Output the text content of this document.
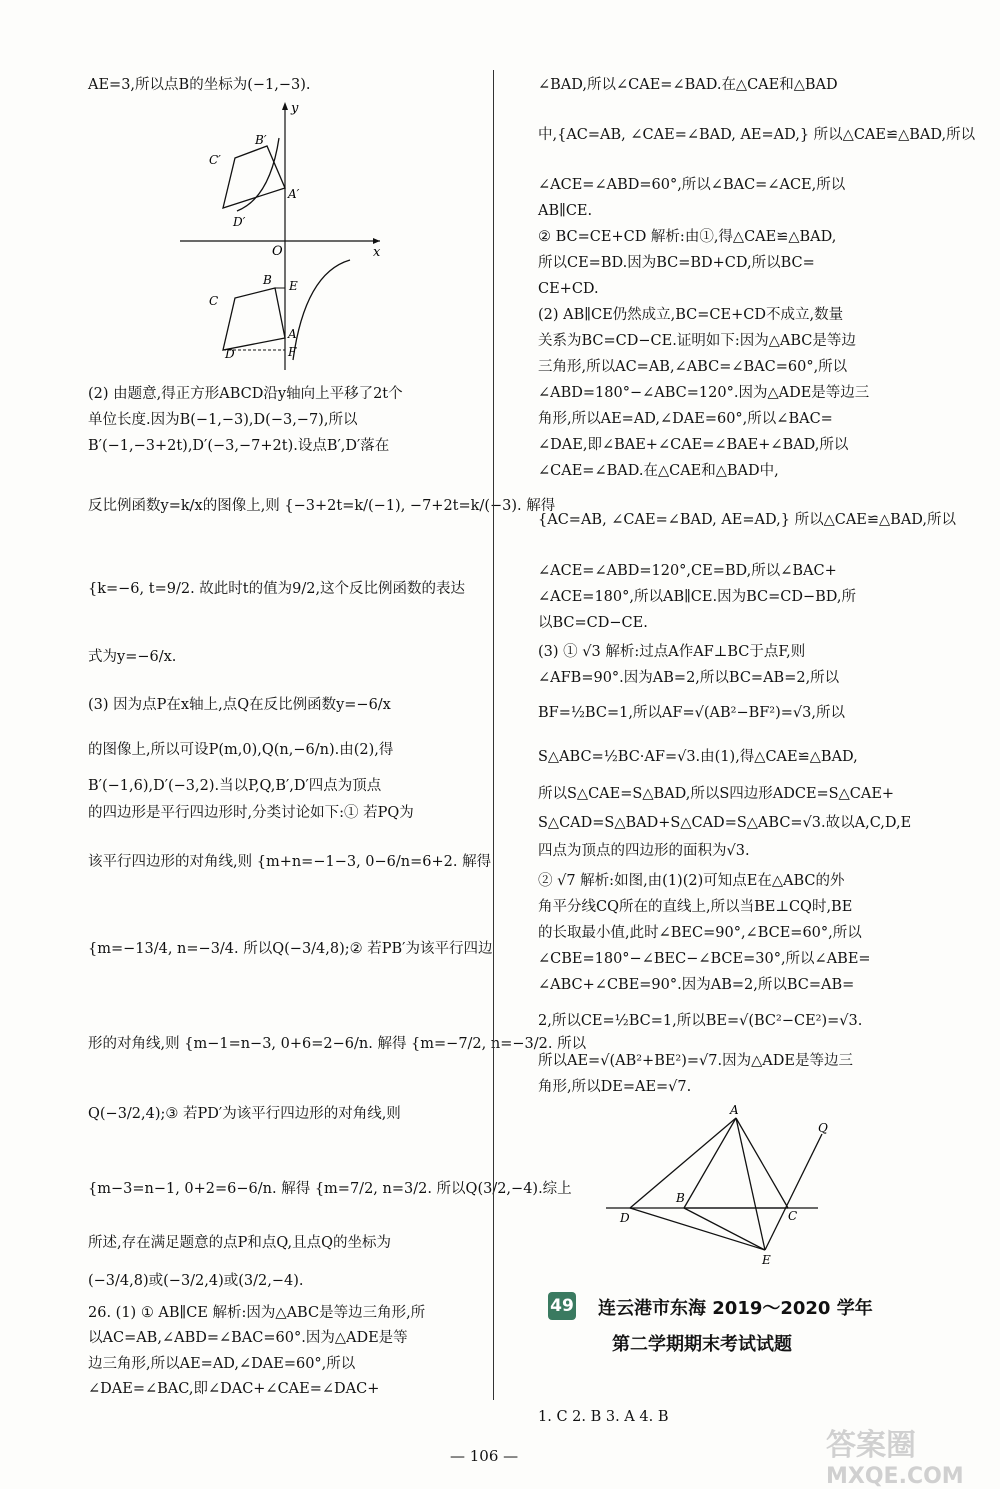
AE=3,所以点B的坐标为(−1,−3).
(2) 由题意,得正方形ABCD沿y轴向上平移了2t个
单位长度.因为B(−1,−3),D(−3,−7),所以
B′(−1,−3+2t),D′(−3,−7+2t).设点B′,D′落在
反比例函数y=k/x的图像上,则 {−3+2t=k/(−1), −7+2t=k/(−3). 解得
{k=−6, t=9/2. 故此时t的值为9/2,这个反比例函数的表达
式为y=−6/x.
(3) 因为点P在x轴上,点Q在反比例函数y=−6/x
的图像上,所以可设P(m,0),Q(n,−6/n).由(2),得
B′(−1,6),D′(−3,2).当以P,Q,B′,D′四点为顶点
的四边形是平行四边形时,分类讨论如下:① 若PQ为
该平行四边形的对角线,则 {m+n=−1−3, 0−6/n=6+2. 解得
{m=−13/4, n=−3/4. 所以Q(−3/4,8);② 若PB′为该平行四边
形的对角线,则 {m−1=n−3, 0+6=2−6/n. 解得 {m=−7/2, n=−3/2. 所以
Q(−3/2,4);③ 若PD′为该平行四边形的对角线,则
{m−3=n−1, 0+2=6−6/n. 解得 {m=7/2, n=3/2. 所以Q(3/2,−4).综上
所述,存在满足题意的点P和点Q,且点Q的坐标为
(−3/4,8)或(−3/2,4)或(3/2,−4).
26. (1) ① AB∥CE 解析:因为△ABC是等边三角形,所
以AC=AB,∠ABD=∠BAC=60°.因为△ADE是等
边三角形,所以AE=AD,∠DAE=60°,所以
∠DAE=∠BAC,即∠DAC+∠CAE=∠DAC+
∠BAD,所以∠CAE=∠BAD.在△CAE和△BAD
中,{AC=AB, ∠CAE=∠BAD, AE=AD,} 所以△CAE≌△BAD,所以
∠ACE=∠ABD=60°,所以∠BAC=∠ACE,所以
AB∥CE.
② BC=CE+CD 解析:由①,得△CAE≌△BAD,
所以CE=BD.因为BC=BD+CD,所以BC=
CE+CD.
(2) AB∥CE仍然成立,BC=CE+CD不成立,数量
关系为BC=CD−CE.证明如下:因为△ABC是等边
三角形,所以AC=AB,∠ABC=∠BAC=60°,所以
∠ABD=180°−∠ABC=120°.因为△ADE是等边三
角形,所以AE=AD,∠DAE=60°,所以∠BAC=
∠DAE,即∠BAE+∠CAE=∠BAE+∠BAD,所以
∠CAE=∠BAD.在△CAE和△BAD中,
{AC=AB, ∠CAE=∠BAD, AE=AD,} 所以△CAE≌△BAD,所以
∠ACE=∠ABD=120°,CE=BD,所以∠BAC+
∠ACE=180°,所以AB∥CE.因为BC=CD−BD,所
以BC=CD−CE.
(3) ① √3 解析:过点A作AF⊥BC于点F,则
∠AFB=90°.因为AB=2,所以BC=AB=2,所以
BF=½BC=1,所以AF=√(AB²−BF²)=√3,所以
S△ABC=½BC·AF=√3.由(1),得△CAE≌△BAD,
所以S△CAE=S△BAD,所以S四边形ADCE=S△CAE+
S△CAD=S△BAD+S△CAD=S△ABC=√3.故以A,C,D,E
四点为顶点的四边形的面积为√3.
② √7 解析:如图,由(1)(2)可知点E在△ABC的外
角平分线CQ所在的直线上,所以当BE⊥CQ时,BE
的长取最小值,此时∠BEC=90°,∠BCE=60°,所以
∠CBE=180°−∠BEC−∠BCE=30°,所以∠ABE=
∠ABC+∠CBE=90°.因为AB=2,所以BC=AB=
2,所以CE=½BC=1,所以BE=√(BC²−CE²)=√3.
所以AE=√(AB²+BE²)=√7.因为△ADE是等边三
角形,所以DE=AE=√7.
1. C 2. B 3. A 4. B
y
x
O
B′
C′
A′
D′
B
C
E
A
D	F
A
Q
B
D	C
E
49 连云港市东海 2019～2020 学年
第二学期期末考试试题
— 106 —	答案圈
MXQE.COM
